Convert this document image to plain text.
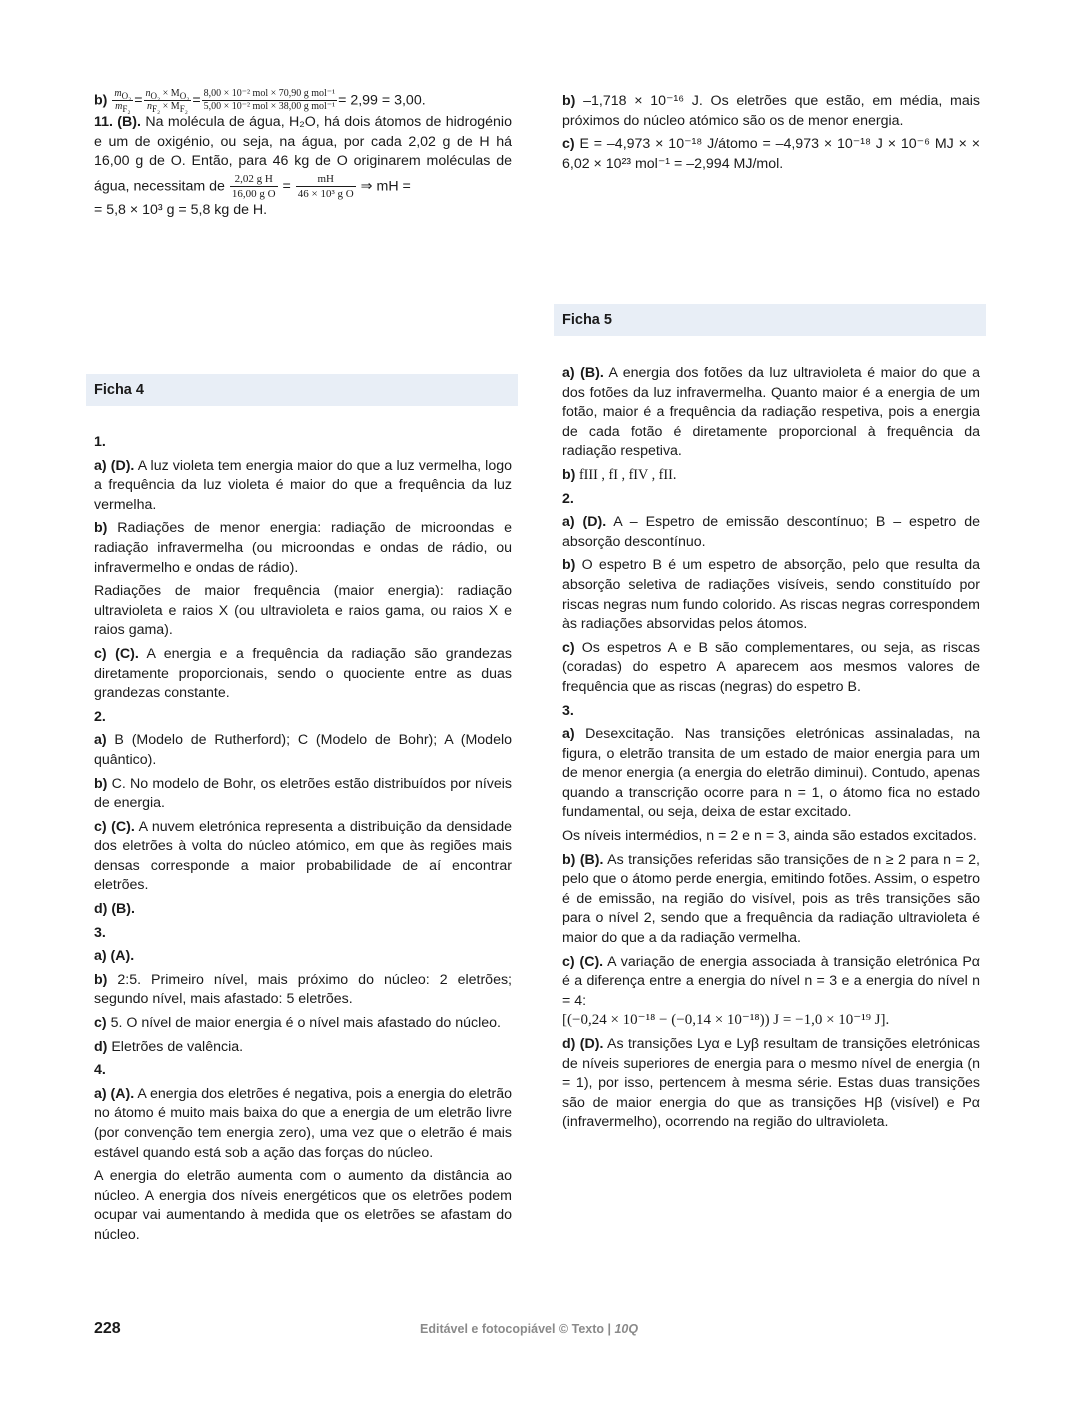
$b) \frac{m_{O_2}}{m_{F_2}} = \frac{n_{O_2} \times M_{O_2}}{n_{F_2} \times M_{F_2}} = \frac{\text{8,00 × 10⁻² mol × 70,90 g mol⁻¹}}{\text{5,00 × 10⁻² mol × 38,00 g mol⁻¹}} = 2,99 = 3,00$.

11. (B). Na molécula de água, H₂O, há dois átomos de hidrogénio e um de oxigénio, ou seja, na água, por cada 2,02 g de H há 16,00 g de O. Então, para 46 kg de O originarem moléculas de água, necessitam de $\frac{\text{2,02 g H}}{\text{16,00 g O}} = \frac{mH}{\text{46 × 10³ g O}}$ ⇒ mH =

= 5,8 × 10³ g = 5,8 kg de H.

b) –1,718 × 10⁻¹⁶ J. Os eletrões que estão, em média, mais próximos do núcleo atómico são os de menor energia.

c) E = –4,973 × 10⁻¹⁸ J/átomo = –4,973 × 10⁻¹⁸ J × 10⁻⁶ MJ × × 6,02 × 10²³ mol⁻¹ = –2,994 MJ/mol.

Ficha 5
Ficha 4

1.

a) (D). A luz violeta tem energia maior do que a luz vermelha, logo a frequência da luz violeta é maior do que a frequência da luz vermelha.

b) Radiações de menor energia: radiação de microondas e radiação infravermelha (ou microondas e ondas de rádio, ou infravermelho e ondas de rádio).

Radiações de maior frequência (maior energia): radiação ultravioleta e raios X (ou ultravioleta e raios gama, ou raios X e raios gama).

c) (C). A energia e a frequência da radiação são grandezas diretamente proporcionais, sendo o quociente entre as duas grandezas constante.

2.

a) B (Modelo de Rutherford); C (Modelo de Bohr); A (Modelo quântico).

b) C. No modelo de Bohr, os eletrões estão distribuídos por níveis de energia.

c) (C). A nuvem eletrónica representa a distribuição da densidade dos eletrões à volta do núcleo atómico, em que às regiões mais densas corresponde a maior probabilidade de aí encontrar eletrões.

d) (B).

3.

a) (A).

b) 2:5. Primeiro nível, mais próximo do núcleo: 2 eletrões; segundo nível, mais afastado: 5 eletrões.

c) 5. O nível de maior energia é o nível mais afastado do núcleo.

d) Eletrões de valência.

4.

a) (A). A energia dos eletrões é negativa, pois a energia do eletrão no átomo é muito mais baixa do que a energia de um eletrão livre (por convenção tem energia zero), uma vez que o eletrão é mais estável quando está sob a ação das forças do núcleo.

A energia do eletrão aumenta com o aumento da distância ao núcleo. A energia dos níveis energéticos que os eletrões podem ocupar vai aumentando à medida que os eletrões se afastam do núcleo.

a) (B). A energia dos fotões da luz ultravioleta é maior do que a dos fotões da luz infravermelha. Quanto maior é a energia de um fotão, maior é a frequência da radiação respetiva, pois a energia de cada fotão é diretamente proporcional à frequência da radiação respetiva.

b) fIII , fI , fIV , fII.

2.

a) (D). A – Espetro de emissão descontínuo; B – espetro de absorção descontínuo.

b) O espetro B é um espetro de absorção, pelo que resulta da absorção seletiva de radiações visíveis, sendo constituído por riscas negras num fundo colorido. As riscas negras correspondem às radiações absorvidas pelos átomos.

c) Os espetros A e B são complementares, ou seja, as riscas (coradas) do espetro A aparecem aos mesmos valores de frequência que as riscas (negras) do espetro B.

3.

a) Desexcitação. Nas transições eletrónicas assinaladas, na figura, o eletrão transita de um estado de maior energia para um de menor energia (a energia do eletrão diminui). Contudo, apenas quando a transcrição ocorre para n = 1, o átomo fica no estado fundamental, ou seja, deixa de estar excitado.

Os níveis intermédios, n = 2 e n = 3, ainda são estados excitados.

b) (B). As transições referidas são transições de n ≥ 2 para n = 2, pelo que o átomo perde energia, emitindo fotões. Assim, o espetro é de emissão, na região do visível, pois as três transições são para o nível 2, sendo que a frequência da radiação ultravioleta é maior do que a da radiação vermelha.

c) (C). A variação de energia associada à transição eletrónica Pα é a diferença entre a energia do nível n = 3 e a energia do nível n = 4:

[(−0,24 × 10⁻¹⁸ − (−0,14 × 10⁻¹⁸)) J = −1,0 × 10⁻¹⁹ J].

d) (D). As transições Lyα e Lyβ resultam de transições eletrónicas de níveis superiores de energia para o mesmo nível de energia (n = 1), por isso, pertencem à mesma série. Estas duas transições são de maior energia do que as transições Hβ (visível) e Pα (infravermelho), ocorrendo na região do ultravioleta.

228	Editável e fotocopiável © Texto | 10Q
